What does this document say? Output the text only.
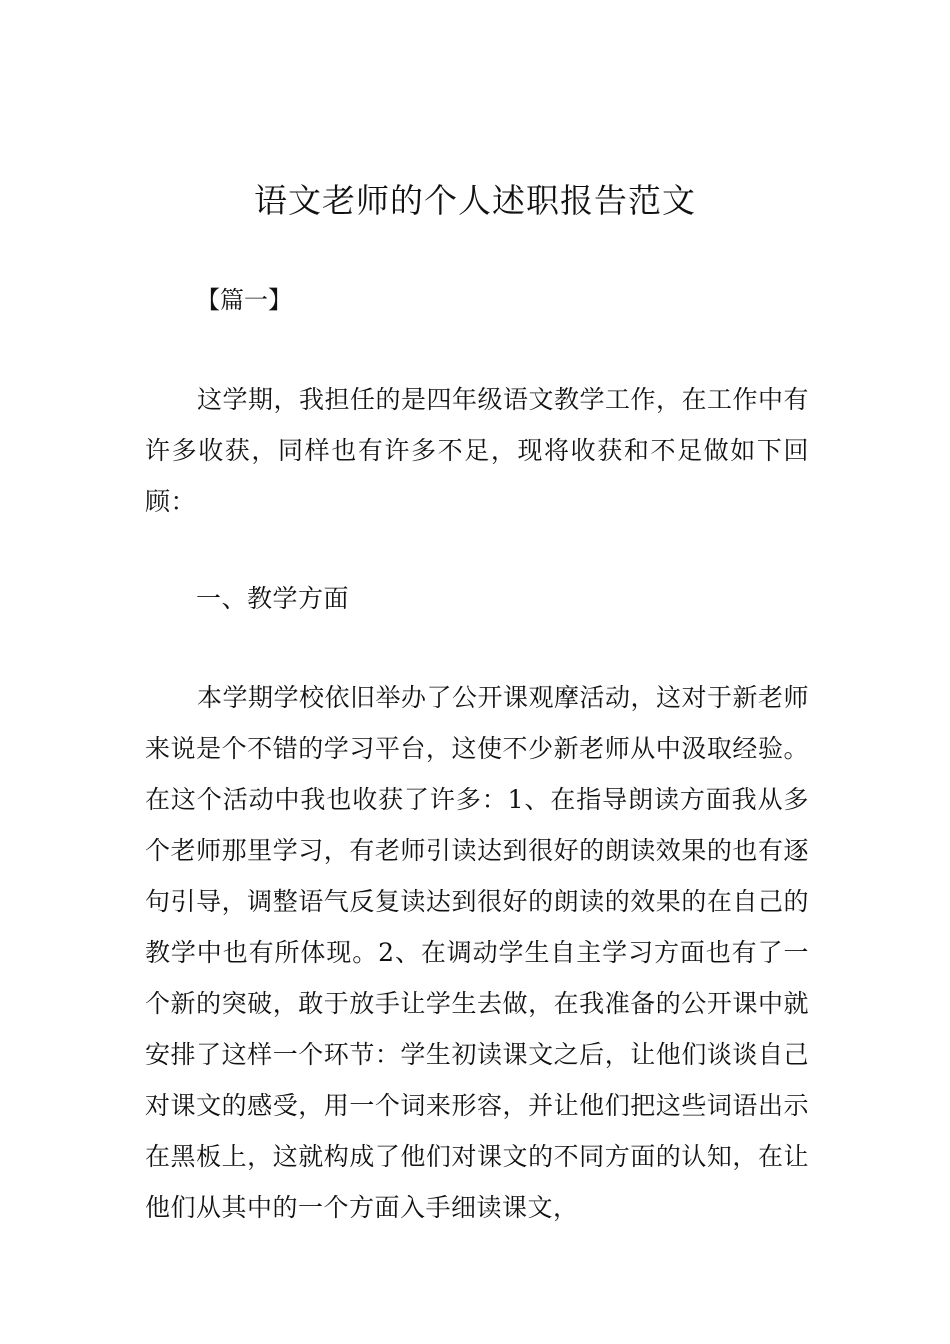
语文老师的个人述职报告范文
【篇一】

这学期，我担任的是四年级语文教学工作，在工作中有许多收获，同样也有许多不足，现将收获和不足做如下回顾：

一、教学方面

本学期学校依旧举办了公开课观摩活动，这对于新老师来说是个不错的学习平台，这使不少新老师从中汲取经验。在这个活动中我也收获了许多：1、在指导朗读方面我从多个老师那里学习，有老师引读达到很好的朗读效果的也有逐句引导，调整语气反复读达到很好的朗读的效果的在自己的教学中也有所体现。2、在调动学生自主学习方面也有了一个新的突破，敢于放手让学生去做，在我准备的公开课中就安排了这样一个环节：学生初读课文之后，让他们谈谈自己对课文的感受，用一个词来形容，并让他们把这些词语出示在黑板上，这就构成了他们对课文的不同方面的认知，在让他们从其中的一个方面入手细读课文，
